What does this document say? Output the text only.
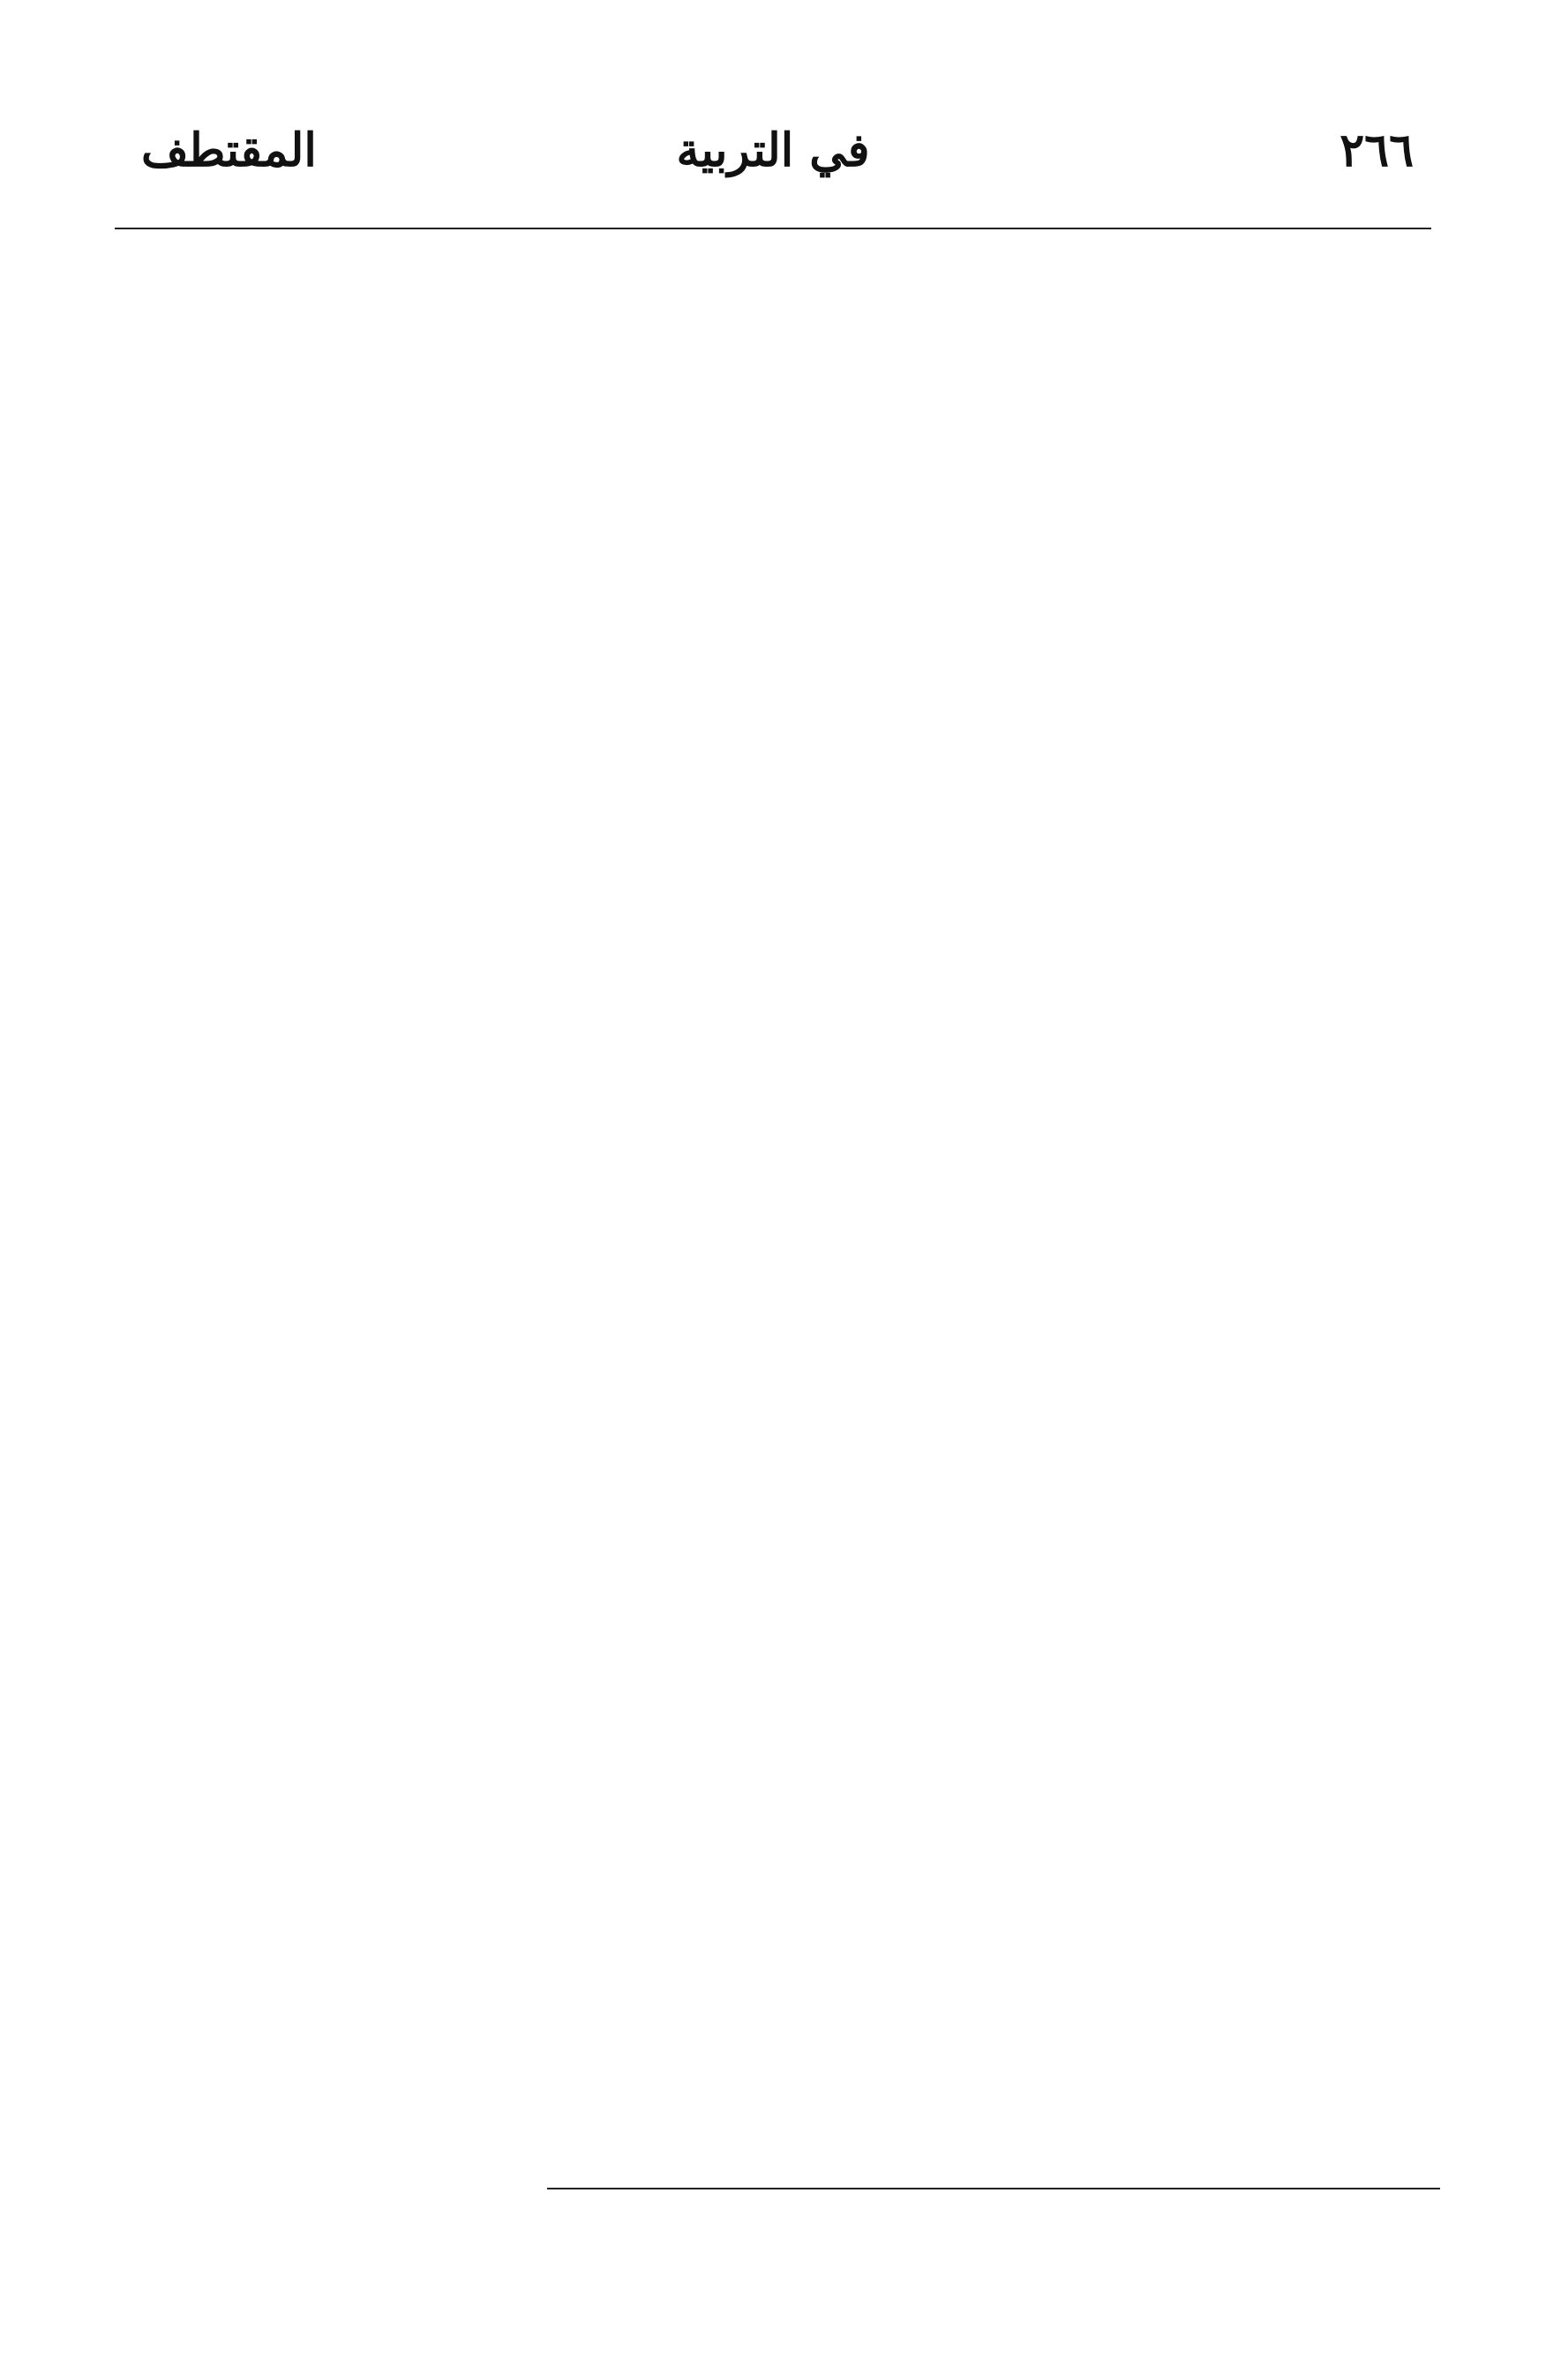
٢٦٦
في التربية
المقتطف
